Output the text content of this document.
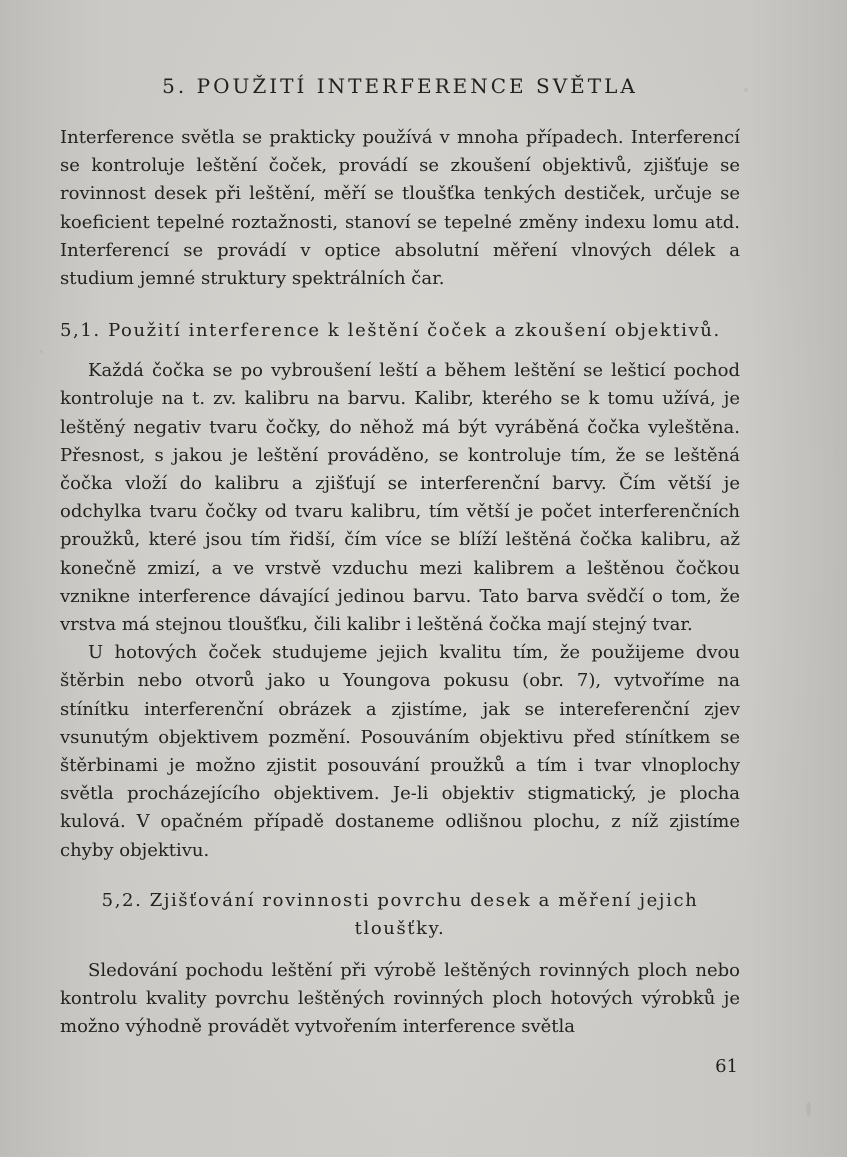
5. POUŽITÍ INTERFERENCE SVĚTLA

Interference světla se prakticky používá v mnoha případech. Interferencí se kontroluje leštění čoček, provádí se zkoušení objektivů, zjišťuje se rovinnost desek při leštění, měří se tloušťka tenkých destiček, určuje se koeficient tepelné roztažnosti, stanoví se tepelné změny indexu lomu atd. Interferencí se provádí v optice absolutní měření vlnových délek a studium jemné struktury spektrálních čar.

5,1. Použití interference k leštění čoček a zkoušení objektivů.

Každá čočka se po vybroušení leští a během leštění se lešticí pochod kontroluje na t. zv. kalibru na barvu. Kalibr, kterého se k tomu užívá, je leštěný negativ tvaru čočky, do něhož má být vyráběná čočka vyleštěna. Přesnost, s jakou je leštění prováděno, se kontroluje tím, že se leštěná čočka vloží do kalibru a zjišťují se interferenční barvy. Čím větší je odchylka tvaru čočky od tvaru kalibru, tím větší je počet interferenčních proužků, které jsou tím řidší, čím více se blíží leštěná čočka kalibru, až konečně zmizí, a ve vrstvě vzduchu mezi kalibrem a leštěnou čočkou vznikne interference dávající jedinou barvu. Tato barva svědčí o tom, že vrstva má stejnou tloušťku, čili kalibr i leštěná čočka mají stejný tvar.

U hotových čoček studujeme jejich kvalitu tím, že použijeme dvou štěrbin nebo otvorů jako u Youngova pokusu (obr. 7), vytvoříme na stínítku interferenční obrázek a zjistíme, jak se intereferenční zjev vsunutým objektivem pozmění. Posouváním objektivu před stínítkem se štěrbinami je možno zjistit posouvání proužků a tím i tvar vlnoplochy světla procházejícího objektivem. Je-li objektiv stigmatický, je plocha kulová. V opačném případě dostaneme odlišnou plochu, z níž zjistíme chyby objektivu.

5,2. Zjišťování rovinnosti povrchu desek a měření jejich tloušťky.

Sledování pochodu leštění při výrobě leštěných rovinných ploch nebo kontrolu kvality povrchu leštěných rovinných ploch hotových výrobků je možno výhodně provádět vytvořením interference světla

61
